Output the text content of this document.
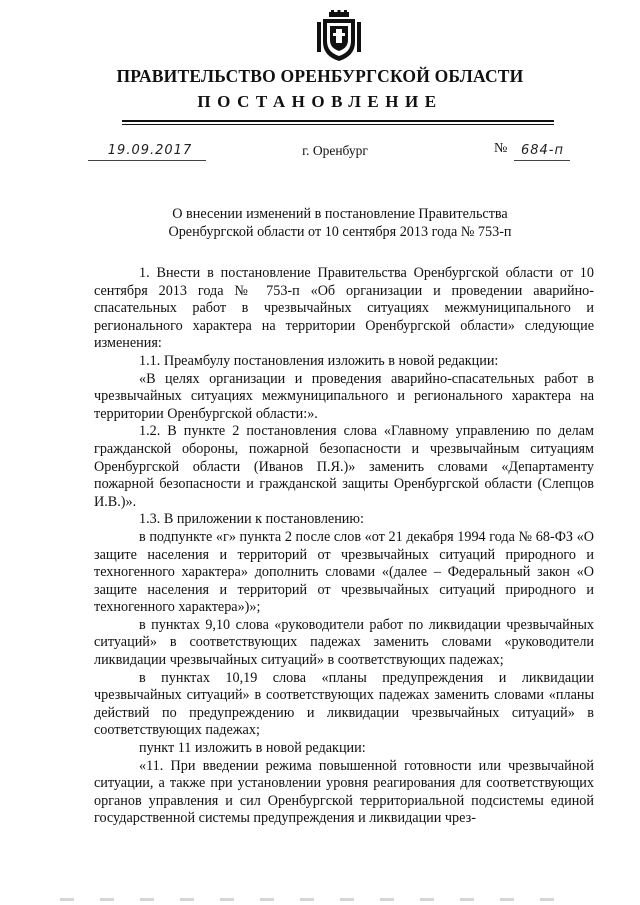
ПРАВИТЕЛЬСТВО ОРЕНБУРГСКОЙ ОБЛАСТИ
ПОСТАНОВЛЕНИЕ
19.09.2017	г. Оренбург	№	684-п
О внесении изменений в постановление Правительства
Оренбургской области от 10 сентября 2013 года № 753-п

1. Внести в постановление Правительства Оренбургской области от 10 сентября 2013 года № 753-п «Об организации и проведении аварийно-спасательных работ в чрезвычайных ситуациях межмуниципального и регионального характера на территории Оренбургской области» следующие изменения:

1.1. Преамбулу постановления изложить в новой редакции:

«В целях организации и проведения аварийно-спасательных работ в чрезвычайных ситуациях межмуниципального и регионального характера на территории Оренбургской области:».

1.2. В пункте 2 постановления слова «Главному управлению по делам гражданской обороны, пожарной безопасности и чрезвычайным ситуациям Оренбургской области (Иванов П.Я.)» заменить словами «Департаменту пожарной безопасности и гражданской защиты Оренбургской области (Слепцов И.В.)».

1.3. В приложении к постановлению:

в подпункте «г» пункта 2 после слов «от 21 декабря 1994 года № 68-ФЗ «О защите населения и территорий от чрезвычайных ситуаций природного и техногенного характера» дополнить словами «(далее – Федеральный закон «О защите населения и территорий от чрезвычайных ситуаций природного и техногенного характера»)»;

в пунктах 9,10 слова «руководители работ по ликвидации чрезвычайных ситуаций» в соответствующих падежах заменить словами «руководители ликвидации чрезвычайных ситуаций» в соответствующих падежах;

в пунктах 10,19 слова «планы предупреждения и ликвидации чрезвычайных ситуаций» в соответствующих падежах заменить словами «планы действий по предупреждению и ликвидации чрезвычайных ситуаций» в соответствующих падежах;

пункт 11 изложить в новой редакции:

«11. При введении режима повышенной готовности или чрезвычайной ситуации, а также при установлении уровня реагирования для соответствующих органов управления и сил Оренбургской территориальной подсистемы единой государственной системы предупреждения и ликвидации чрез-
